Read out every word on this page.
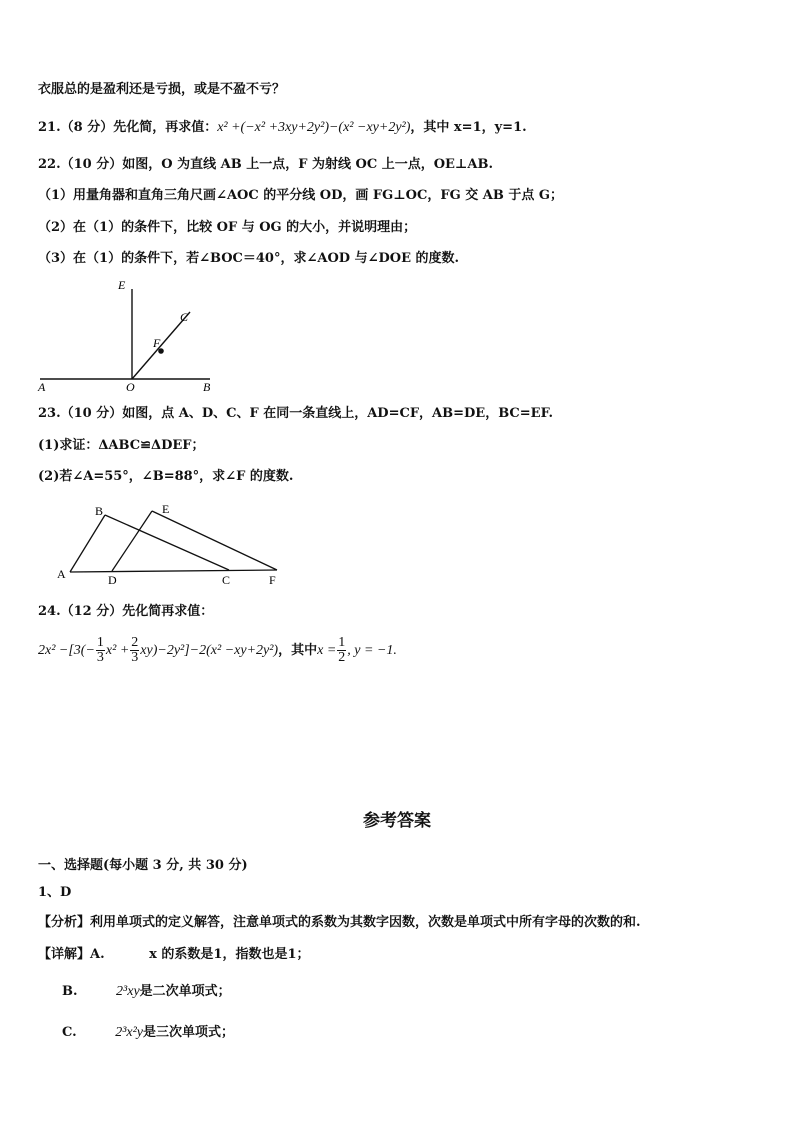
衣服总的是盈利还是亏损，或是不盈不亏？
21.（8 分）先化简，再求值：x² +(−x² +3xy+2y²)−(x² −xy+2y²)，其中 x=1，y=1.
22.（10 分）如图，O 为直线 AB 上一点，F 为射线 OC 上一点，OE⊥AB.
（1）用量角器和直角三角尺画∠AOC 的平分线 OD，画 FG⊥OC，FG 交 AB 于点 G；
（2）在（1）的条件下，比较 OF 与 OG 的大小，并说明理由；
（3）在（1）的条件下，若∠BOC＝40°，求∠AOD 与∠DOE 的度数.
E
C
F
A	O	B
23.（10 分）如图，点 A、D、C、F 在同一条直线上，AD=CF，AB=DE，BC=EF.
(1)求证：ΔABC≌ΔDEF；
(2)若∠A=55°，∠B=88°，求∠F 的度数.
B	E
A	D	C	F
24.（12 分）先化简再求值：
$2x^2 -[3(- \frac{1}{3} x^2 + \frac{2}{3} xy)-2y^2]-2(x^2 -xy+2y^2)$，其中$x = \frac{1}{2}$ , y = −1.
参考答案
一、选择题(每小题 3 分, 共 30 分)
1、D
【分析】利用单项式的定义解答，注意单项式的系数为其数字因数，次数是单项式中所有字母的次数的和.
【详解】A.	x 的系数是1，指数也是1；
B.	2³xy是二次单项式；
C.	2³x²y是三次单项式；
